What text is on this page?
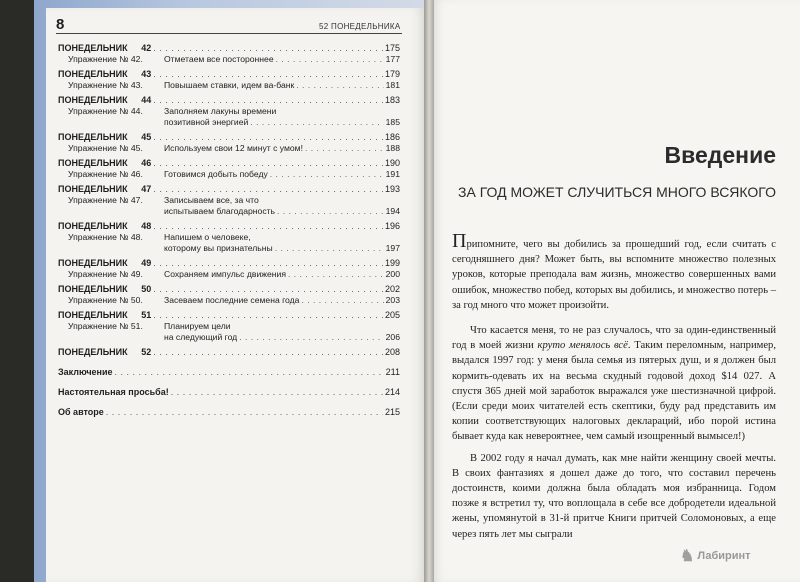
8	52 ПОНЕДЕЛЬНИКА
ПОНЕДЕЛЬНИК 42 . . .	175
Упражнение № 42.	Отметаем все постороннее . . .	177
ПОНЕДЕЛЬНИК 43 . . .	179
Упражнение № 43.	Повышаем ставки, идем ва-банк . . .	181
ПОНЕДЕЛЬНИК 44 . . .	183
Упражнение № 44.	Заполняем лакуны времени
позитивной энергией . . .	185
ПОНЕДЕЛЬНИК 45 . . .	186
Упражнение № 45.	Используем свои 12 минут с умом! . . .	188
ПОНЕДЕЛЬНИК 46 . . .	190
Упражнение № 46.	Готовимся добыть победу . . .	191
ПОНЕДЕЛЬНИК 47 . . .	193
Упражнение № 47.	Записываем все, за что
испытываем благодарность . . .	194
ПОНЕДЕЛЬНИК 48 . . .	196
Упражнение № 48.	Напишем о человеке,
которому вы признательны . . .	197
ПОНЕДЕЛЬНИК 49 . . .	199
Упражнение № 49.	Сохраняем импульс движения . . .	200
ПОНЕДЕЛЬНИК 50 . . .	202
Упражнение № 50.	Засеваем последние семена года . . .	203
ПОНЕДЕЛЬНИК 51 . . .	205
Упражнение № 51.	Планируем цели
на следующий год . . .	206
ПОНЕДЕЛЬНИК 52 . . .	208
Заключение . . .	211
Настоятельная просьба! . . .	214
Об авторе . . .	215
Введение
ЗА ГОД МОЖЕТ СЛУЧИТЬСЯ МНОГО ВСЯКОГО

Припомните, чего вы добились за прошедший год, если считать с сегодняшнего дня? Может быть, вы вспомните множество полезных уроков, которые преподала вам жизнь, множество совершенных вами ошибок, множество побед, которых вы добились, и множество потерь – за год много что может произойти.

Что касается меня, то не раз случалось, что за один-единственный год в моей жизни круто менялось всё. Таким переломным, например, выдался 1997 год: у меня была семья из пятерых душ, и я должен был кормить-одевать их на весьма скудный годовой доход $14 027. А спустя 365 дней мой заработок выражался уже шестизначной цифрой. (Если среди моих читателей есть скептики, буду рад представить им копии соответствующих налоговых деклараций, ибо порой истина бывает куда как невероятнее, чем самый изощренный вымысел!)

В 2002 году я начал думать, как мне найти женщину своей мечты. В своих фантазиях я дошел даже до того, что составил перечень достоинств, коими должна была обладать моя избранница. Годом позже я встретил ту, что воплощала в себе все добродетели идеальной жены, упомянутой в 31-й притче Книги притчей Соломоновых, а еще через пять лет мы сыграли

♞ Лабиринт
